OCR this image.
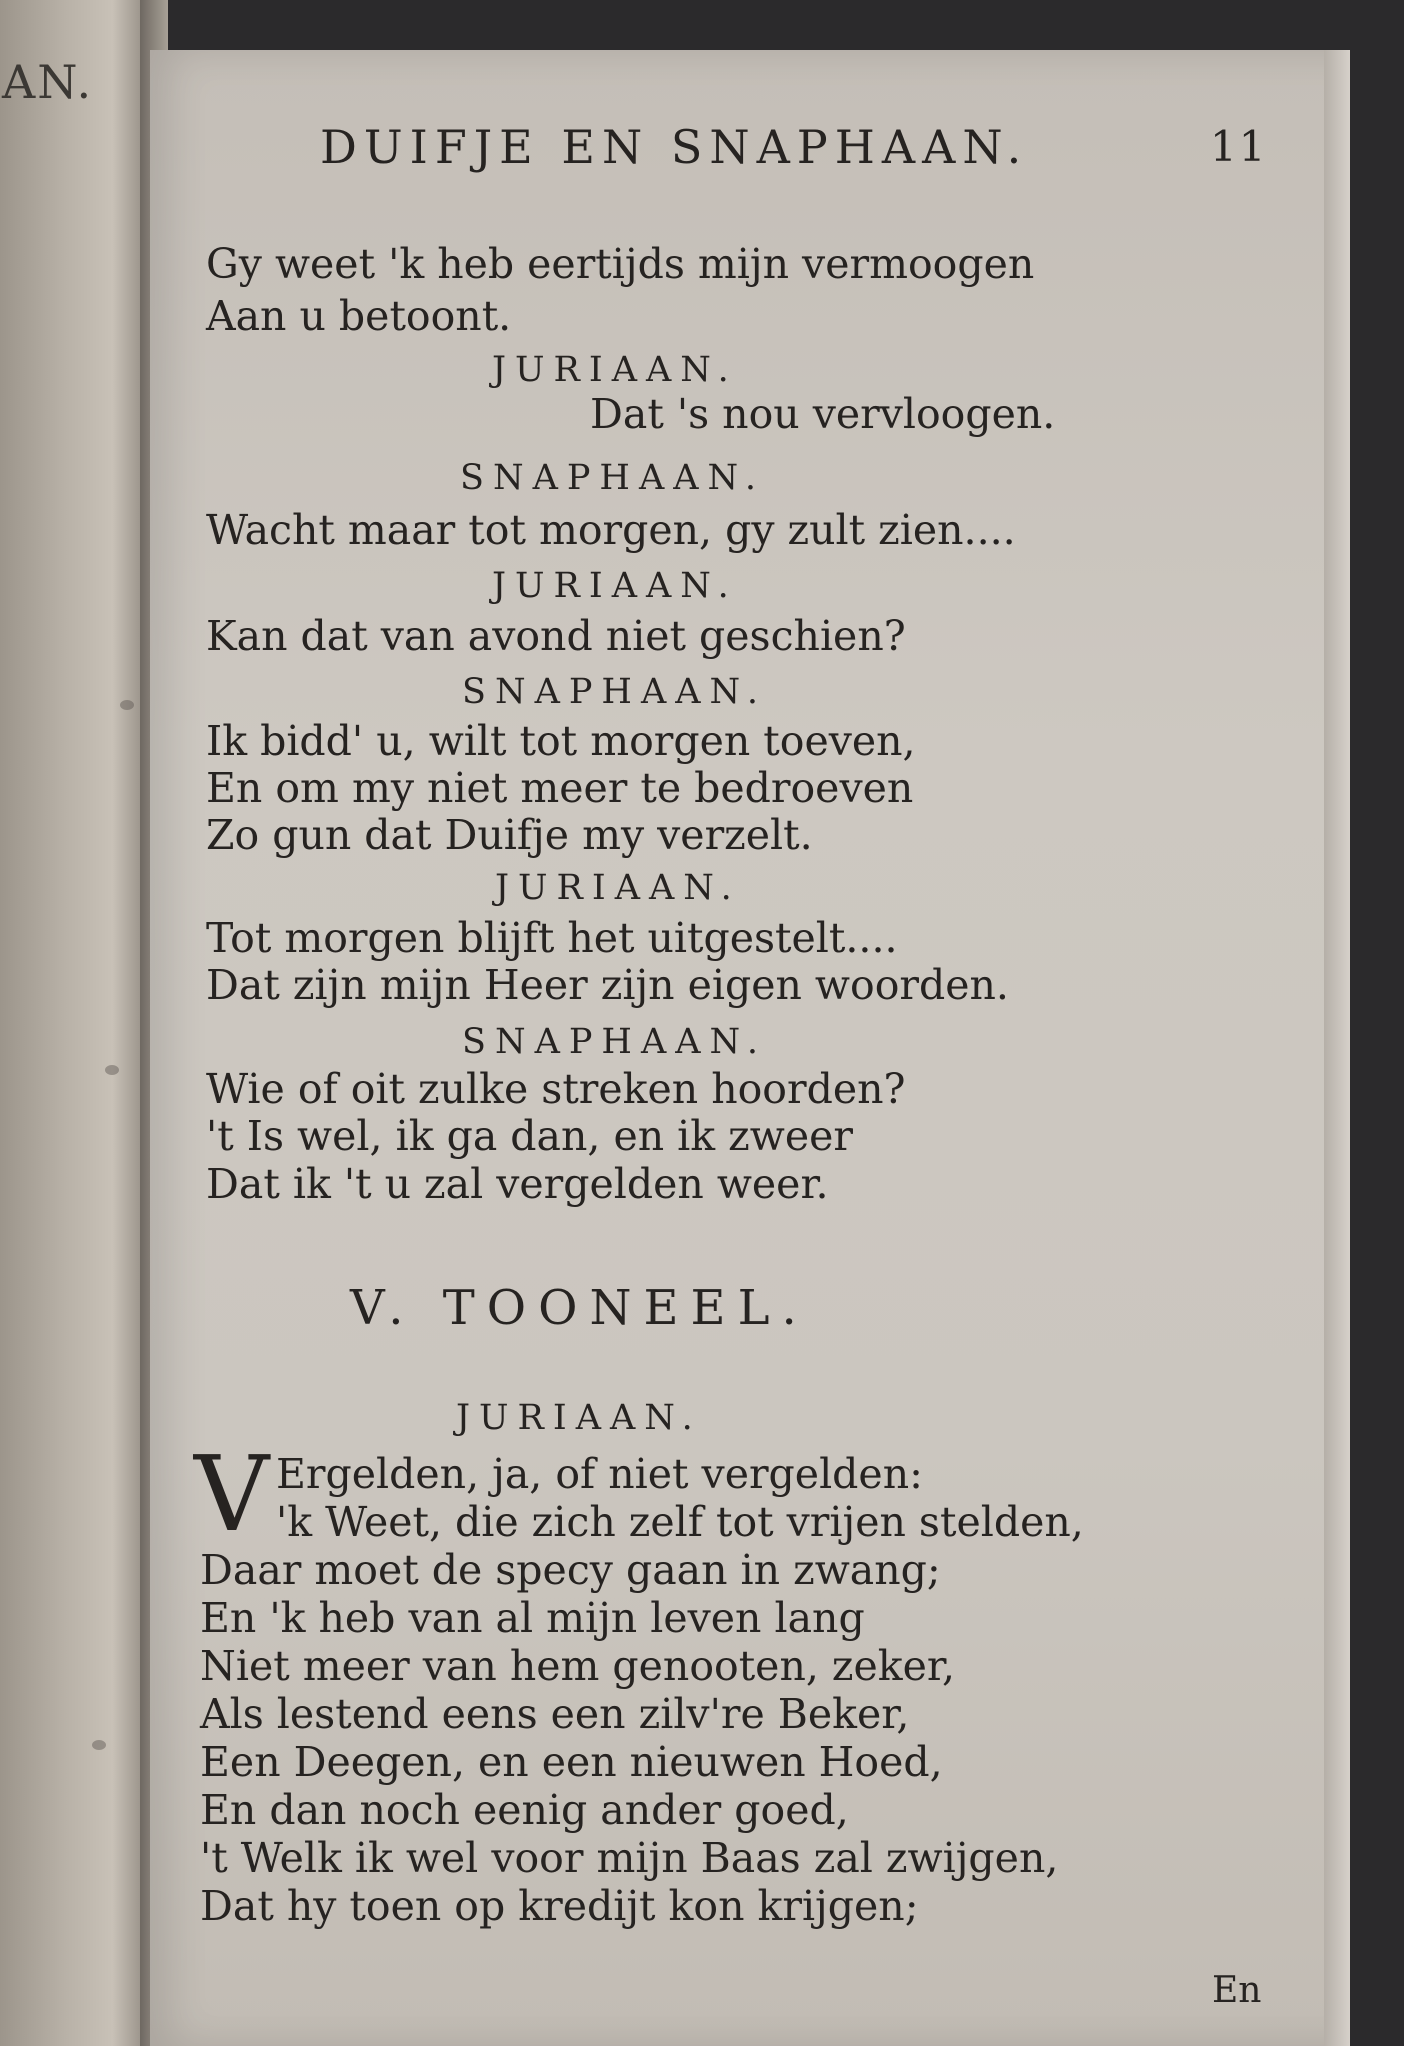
AN.
DUIFJE EN SNAPHAAN.	11
Gy weet 'k heb eertijds mijn vermoogen
Aan u betoont.
JURIAAN.
Dat 's nou vervloogen.
SNAPHAAN.
Wacht maar tot morgen, gy zult zien....
JURIAAN.
Kan dat van avond niet geschien?
SNAPHAAN.
Ik bidd' u, wilt tot morgen toeven,
En om my niet meer te bedroeven
Zo gun dat Duifje my verzelt.
JURIAAN.
Tot morgen blijft het uitgestelt....
Dat zijn mijn Heer zijn eigen woorden.
SNAPHAAN.
Wie of oit zulke streken hoorden?
't Is wel, ik ga dan, en ik zweer
Dat ik 't u zal vergelden weer.
V. TOONEEL.
JURIAAN.
V Ergelden, ja, of niet vergelden:
'k Weet, die zich zelf tot vrijen stelden,
Daar moet de specy gaan in zwang;
En 'k heb van al mijn leven lang
Niet meer van hem genooten, zeker,
Als lestend eens een zilv're Beker,
Een Deegen, en een nieuwen Hoed,
En dan noch eenig ander goed,
't Welk ik wel voor mijn Baas zal zwijgen,
Dat hy toen op kredijt kon krijgen;
En
